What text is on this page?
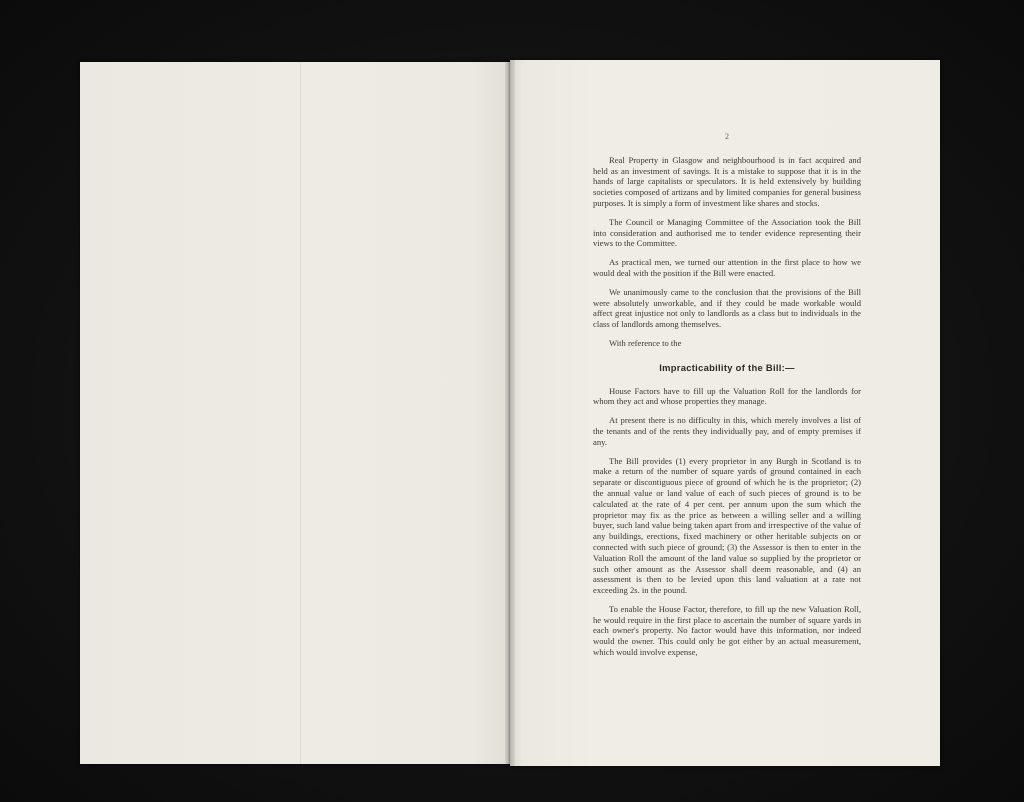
2

Real Property in Glasgow and neighbourhood is in fact acquired and held as an investment of savings. It is a mistake to suppose that it is in the hands of large capitalists or speculators. It is held extensively by building societies composed of artizans and by limited companies for general business purposes. It is simply a form of investment like shares and stocks.

The Council or Managing Committee of the Association took the Bill into consideration and authorised me to tender evidence representing their views to the Committee.

As practical men, we turned our attention in the first place to how we would deal with the position if the Bill were enacted.

We unanimously came to the conclusion that the provisions of the Bill were absolutely unworkable, and if they could be made workable would affect great injustice not only to landlords as a class but to individuals in the class of landlords among themselves.

With reference to the

Impracticability of the Bill:—

House Factors have to fill up the Valuation Roll for the landlords for whom they act and whose properties they manage.

At present there is no difficulty in this, which merely involves a list of the tenants and of the rents they individually pay, and of empty premises if any.

The Bill provides (1) every proprietor in any Burgh in Scotland is to make a return of the number of square yards of ground contained in each separate or discontiguous piece of ground of which he is the proprietor; (2) the annual value or land value of each of such pieces of ground is to be calculated at the rate of 4 per cent. per annum upon the sum which the proprietor may fix as the price as between a willing seller and a willing buyer, such land value being taken apart from and irrespective of the value of any buildings, erections, fixed machinery or other heritable subjects on or connected with such piece of ground; (3) the Assessor is then to enter in the Valuation Roll the amount of the land value so supplied by the proprietor or such other amount as the Assessor shall deem reasonable, and (4) an assessment is then to be levied upon this land valuation at a rate not exceeding 2s. in the pound.

To enable the House Factor, therefore, to fill up the new Valuation Roll, he would require in the first place to ascertain the number of square yards in each owner's property. No factor would have this information, nor indeed would the owner. This could only be got either by an actual measurement, which would involve expense,
